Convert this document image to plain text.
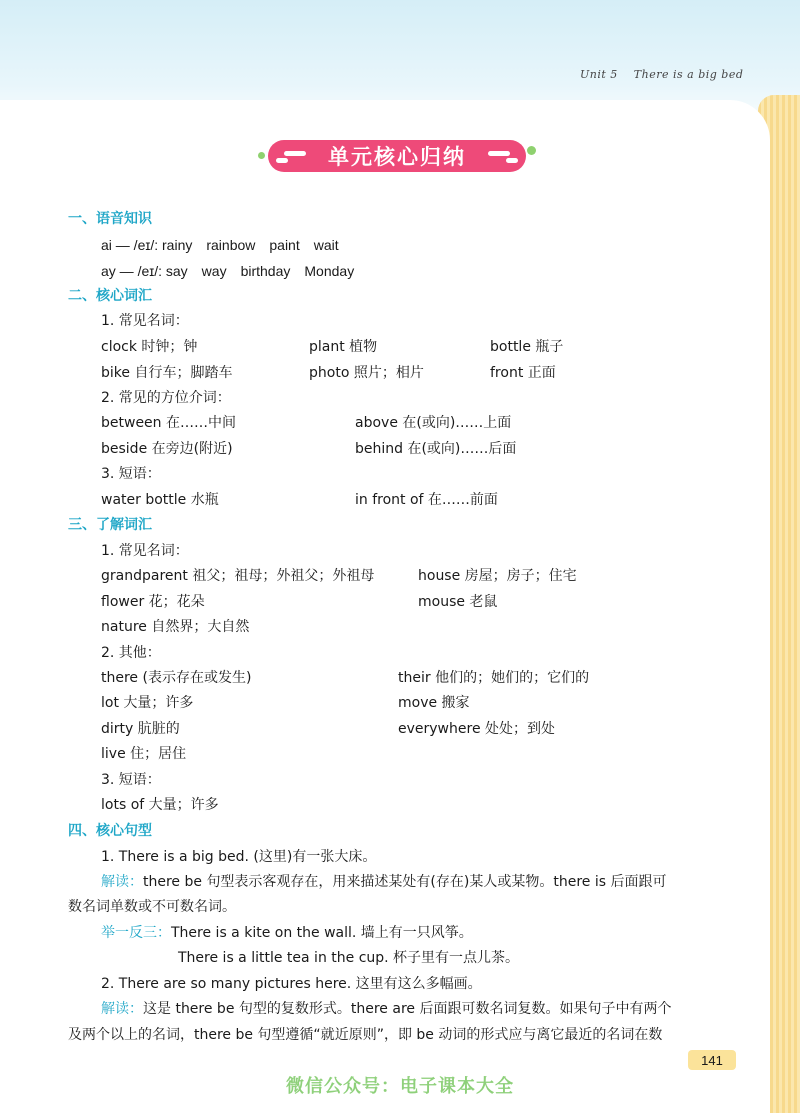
Unit 5 There is a big bed
单元核心归纳
一、语音知识
ai — /eɪ/: rainy　rainbow　paint　wait
ay — /eɪ/: say　way　birthday　Monday
二、核心词汇
1. 常见名词：
clock 时钟；钟	plant 植物	bottle 瓶子
bike 自行车；脚踏车	photo 照片；相片	front 正面
2. 常见的方位介词：
between 在……中间	above 在(或向)……上面
beside 在旁边(附近)	behind 在(或向)……后面
3. 短语：
water bottle 水瓶	in front of 在……前面
三、了解词汇
1. 常见名词：
grandparent 祖父；祖母；外祖父；外祖母	house 房屋；房子；住宅
flower 花；花朵	mouse 老鼠
nature 自然界；大自然
2. 其他：
there (表示存在或发生)	their 他们的；她们的；它们的
lot 大量；许多	move 搬家
dirty 肮脏的	everywhere 处处；到处
live 住；居住
3. 短语：
lots of 大量；许多
四、核心句型
1. There is a big bed. (这里)有一张大床。
解读：there be 句型表示客观存在，用来描述某处有(存在)某人或某物。there is 后面跟可
数名词单数或不可数名词。
举一反三：There is a kite on the wall. 墙上有一只风筝。
There is a little tea in the cup. 杯子里有一点儿茶。
2. There are so many pictures here. 这里有这么多幅画。
解读：这是 there be 句型的复数形式。there are 后面跟可数名词复数。如果句子中有两个
及两个以上的名词，there be 句型遵循“就近原则”，即 be 动词的形式应与离它最近的名词在数
141
微信公众号：电子课本大全
